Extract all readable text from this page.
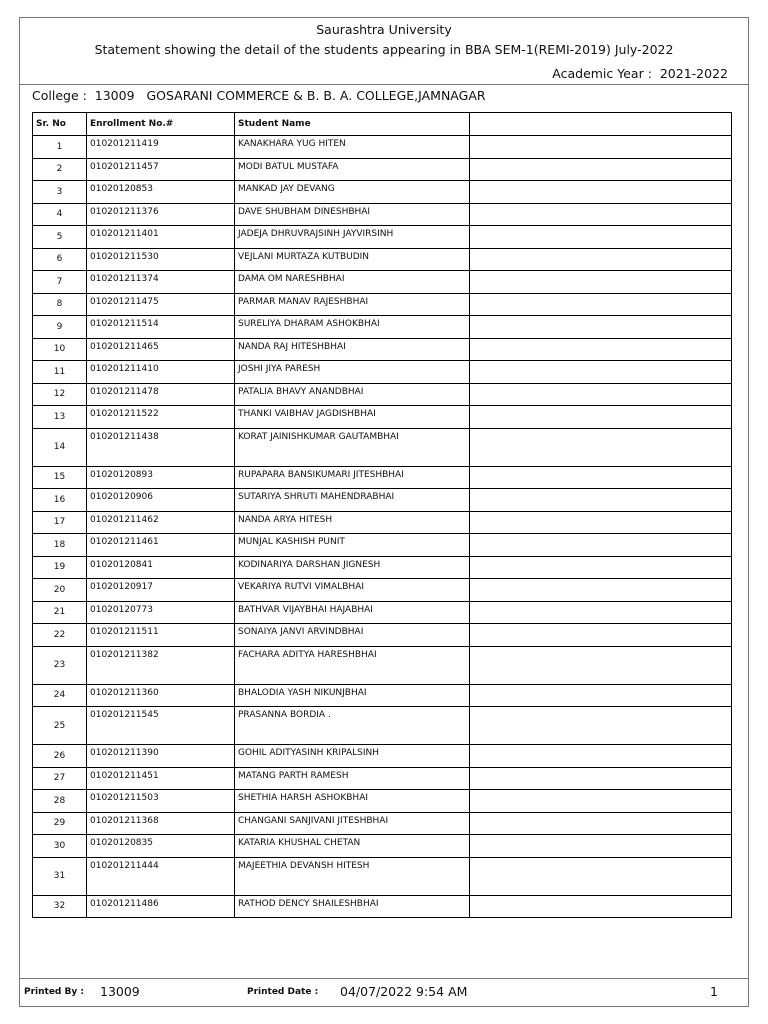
Saurashtra University
Statement showing the detail of the students appearing in BBA SEM-1(REMI-2019) July-2022
Academic Year : 2021-2022
College : 13009 GOSARANI COMMERCE & B. B. A. COLLEGE,JAMNAGAR
Sr. No	Enrollment No.#	Student Name	
1	010201211419	KANAKHARA YUG HITEN	
2	010201211457	MODI BATUL MUSTAFA	
3	01020120853	MANKAD JAY DEVANG	
4	010201211376	DAVE SHUBHAM DINESHBHAI	
5	010201211401	JADEJA DHRUVRAJSINH JAYVIRSINH	
6	010201211530	VEJLANI MURTAZA KUTBUDIN	
7	010201211374	DAMA OM NARESHBHAI	
8	010201211475	PARMAR MANAV RAJESHBHAI	
9	010201211514	SURELIYA DHARAM ASHOKBHAI	
10	010201211465	NANDA RAJ HITESHBHAI	
11	010201211410	JOSHI JIYA PARESH	
12	010201211478	PATALIA BHAVY ANANDBHAI	
13	010201211522	THANKI VAIBHAV JAGDISHBHAI	
14	010201211438	KORAT JAINISHKUMAR GAUTAMBHAI	
15	01020120893	RUPAPARA BANSIKUMARI JITESHBHAI	
16	01020120906	SUTARIYA SHRUTI MAHENDRABHAI	
17	010201211462	NANDA ARYA HITESH	
18	010201211461	MUNJAL KASHISH PUNIT	
19	01020120841	KODINARIYA DARSHAN JIGNESH	
20	01020120917	VEKARIYA RUTVI VIMALBHAI	
21	01020120773	BATHVAR VIJAYBHAI HAJABHAI	
22	010201211511	SONAIYA JANVI ARVINDBHAI	
23	010201211382	FACHARA ADITYA HARESHBHAI	
24	010201211360	BHALODIA YASH NIKUNJBHAI	
25	010201211545	PRASANNA BORDIA .	
26	010201211390	GOHIL ADITYASINH KRIPALSINH	
27	010201211451	MATANG PARTH RAMESH	
28	010201211503	SHETHIA HARSH ASHOKBHAI	
29	010201211368	CHANGANI SANJIVANI JITESHBHAI	
30	01020120835	KATARIA KHUSHAL CHETAN	
31	010201211444	MAJEETHIA DEVANSH HITESH	
32	010201211486	RATHOD DENCY SHAILESHBHAI	
Printed By : 13009	Printed Date : 04/07/2022 9:54 AM	1
